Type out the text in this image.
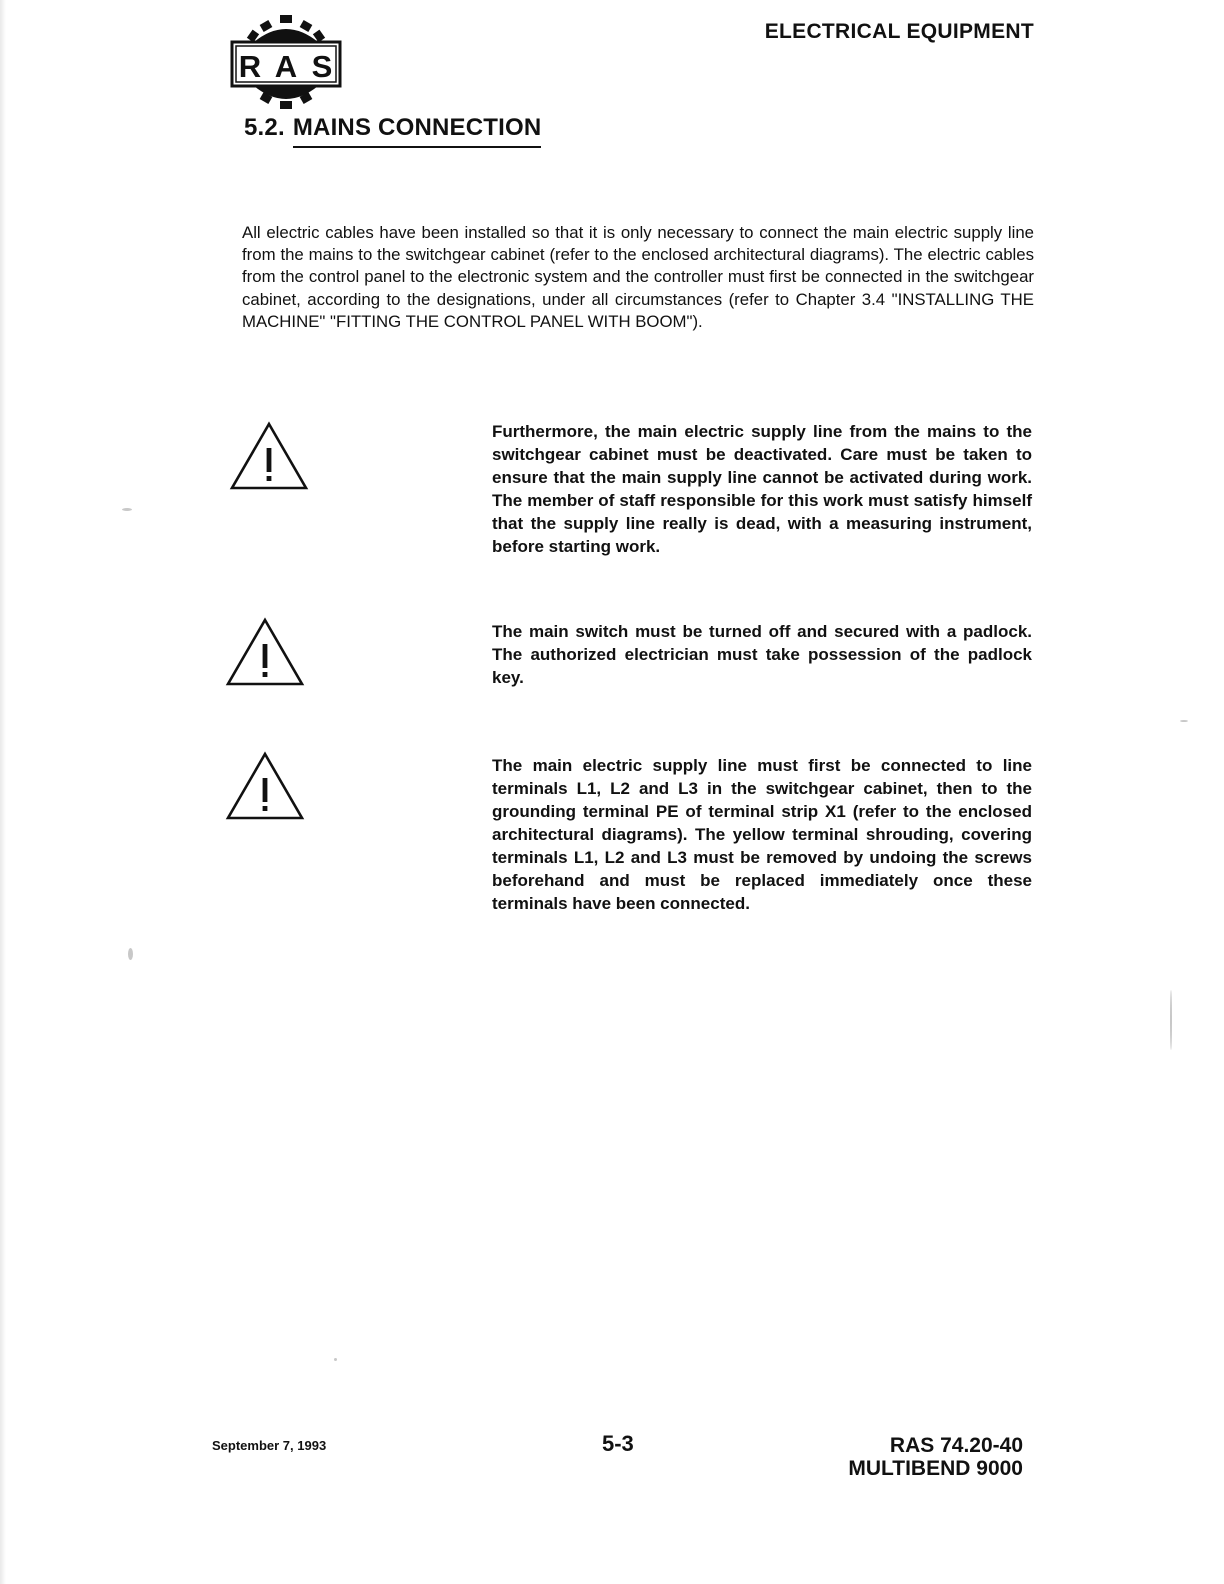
R A S
ELECTRICAL EQUIPMENT
5.2. MAINS CONNECTION

All electric cables have been installed so that it is only necessary to connect the main electric supply line from the mains to the switchgear cabinet (refer to the enclosed architectural diagrams). The electric cables from the control panel to the electronic system and the controller must first be connected in the switchgear cabinet, according to the designations, under all circumstances (refer to Chapter 3.4 "INSTALLING THE MACHINE" "FITTING THE CONTROL PANEL WITH BOOM").

Furthermore, the main electric supply line from the mains to the switchgear cabinet must be deactivated. Care must be taken to ensure that the main supply line cannot be activated during work. The member of staff responsible for this work must satisfy himself that the supply line really is dead, with a measuring instrument, before starting work.

The main switch must be turned off and secured with a padlock. The authorized electrician must take possession of the padlock key.

The main electric supply line must first be connected to line terminals L1, L2 and L3 in the switchgear cabinet, then to the grounding terminal PE of terminal strip X1 (refer to the enclosed architectural diagrams). The yellow terminal shrouding, covering terminals L1, L2 and L3 must be removed by undoing the screws beforehand and must be replaced immediately once these terminals have been connected.

September 7, 1993	5-3	RAS 74.20-40
MULTIBEND 9000
